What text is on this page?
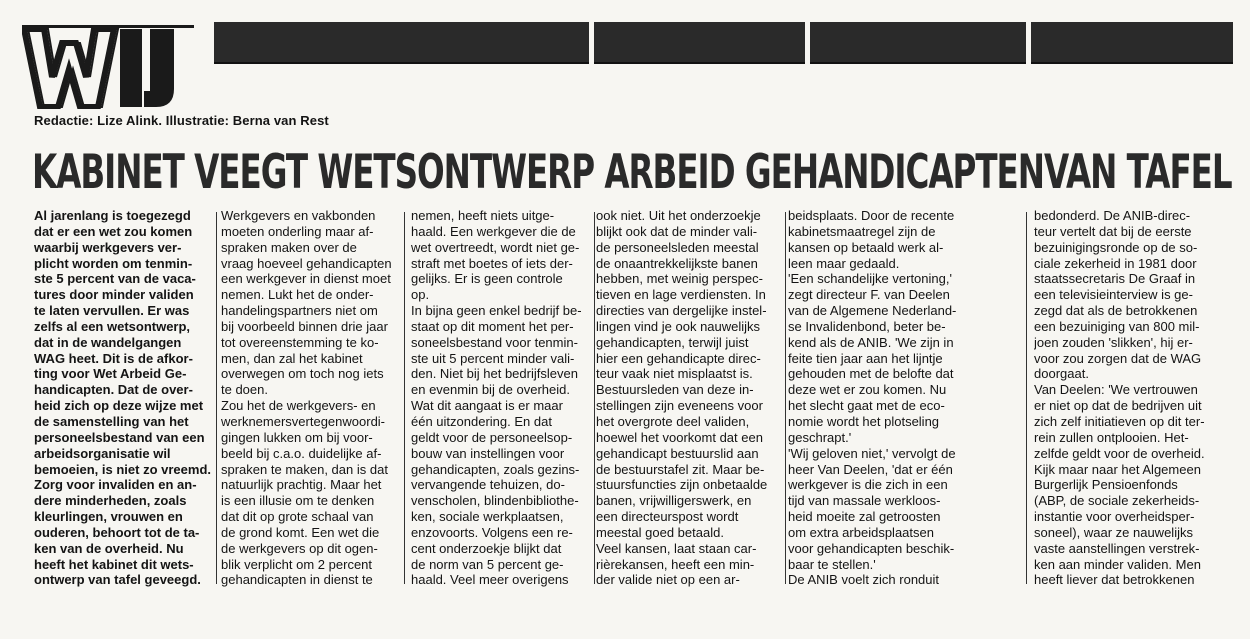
Redactie: Lize Alink. Illustratie: Berna van Rest
KABINET VEEGT WETSONTWERP ARBEID GEHANDICAPTENVAN TAFEL

Al jarenlang is toegezegd

dat er een wet zou komen

waarbij werkgevers ver-

plicht worden om tenmin-

ste 5 percent van de vaca-

tures door minder validen

te laten vervullen. Er was

zelfs al een wetsontwerp,

dat in de wandelgangen

WAG heet. Dit is de afkor-

ting voor Wet Arbeid Ge-

handicapten. Dat de over-

heid zich op deze wijze met

de samenstelling van het

personeelsbestand van een

arbeidsorganisatie wil

bemoeien, is niet zo vreemd.

Zorg voor invaliden en an-

dere minderheden, zoals

kleurlingen, vrouwen en

ouderen, behoort tot de ta-

ken van de overheid. Nu

heeft het kabinet dit wets-

ontwerp van tafel geveegd.

Werkgevers en vakbonden

moeten onderling maar af-

spraken maken over de

vraag hoeveel gehandicapten

een werkgever in dienst moet

nemen. Lukt het de onder-

handelingspartners niet om

bij voorbeeld binnen drie jaar

tot overeenstemming te ko-

men, dan zal het kabinet

overwegen om toch nog iets

te doen.

Zou het de werkgevers- en

werknemersvertegenwoordi-

gingen lukken om bij voor-

beeld bij c.a.o. duidelijke af-

spraken te maken, dan is dat

natuurlijk prachtig. Maar het

is een illusie om te denken

dat dit op grote schaal van

de grond komt. Een wet die

de werkgevers op dit ogen-

blik verplicht om 2 percent

gehandicapten in dienst te

nemen, heeft niets uitge-

haald. Een werkgever die de

wet overtreedt, wordt niet ge-

straft met boetes of iets der-

gelijks. Er is geen controle

op.

In bijna geen enkel bedrijf be-

staat op dit moment het per-

soneelsbestand voor tenmin-

ste uit 5 percent minder vali-

den. Niet bij het bedrijfsleven

en evenmin bij de overheid.

Wat dit aangaat is er maar

één uitzondering. En dat

geldt voor de personeelsop-

bouw van instellingen voor

gehandicapten, zoals gezins-

vervangende tehuizen, do-

venscholen, blindenbibliothe-

ken, sociale werkplaatsen,

enzovoorts. Volgens een re-

cent onderzoekje blijkt dat

de norm van 5 percent ge-

haald. Veel meer overigens

ook niet. Uit het onderzoekje

blijkt ook dat de minder vali-

de personeelsleden meestal

de onaantrekkelijkste banen

hebben, met weinig perspec-

tieven en lage verdiensten. In

directies van dergelijke instel-

lingen vind je ook nauwelijks

gehandicapten, terwijl juist

hier een gehandicapte direc-

teur vaak niet misplaatst is.

Bestuursleden van deze in-

stellingen zijn eveneens voor

het overgrote deel validen,

hoewel het voorkomt dat een

gehandicapt bestuurslid aan

de bestuurstafel zit. Maar be-

stuursfuncties zijn onbetaalde

banen, vrijwilligerswerk, en

een directeurspost wordt

meestal goed betaald.

Veel kansen, laat staan car-

rièrekansen, heeft een min-

der valide niet op een ar-

beidsplaats. Door de recente

kabinetsmaatregel zijn de

kansen op betaald werk al-

leen maar gedaald.

'Een schandelijke vertoning,'

zegt directeur F. van Deelen

van de Algemene Nederland-

se Invalidenbond, beter be-

kend als de ANIB. 'We zijn in

feite tien jaar aan het lijntje

gehouden met de belofte dat

deze wet er zou komen. Nu

het slecht gaat met de eco-

nomie wordt het plotseling

geschrapt.'

'Wij geloven niet,' vervolgt de

heer Van Deelen, 'dat er één

werkgever is die zich in een

tijd van massale werkloos-

heid moeite zal getroosten

om extra arbeidsplaatsen

voor gehandicapten beschik-

baar te stellen.'

De ANIB voelt zich ronduit

bedonderd. De ANIB-direc-

teur vertelt dat bij de eerste

bezuinigingsronde op de so-

ciale zekerheid in 1981 door

staatssecretaris De Graaf in

een televisieinterview is ge-

zegd dat als de betrokkenen

een bezuiniging van 800 mil-

joen zouden 'slikken', hij er-

voor zou zorgen dat de WAG

doorgaat.

Van Deelen: 'We vertrouwen

er niet op dat de bedrijven uit

zich zelf initiatieven op dit ter-

rein zullen ontplooien. Het-

zelfde geldt voor de overheid.

Kijk maar naar het Algemeen

Burgerlijk Pensioenfonds

(ABP, de sociale zekerheids-

instantie voor overheidsper-

soneel), waar ze nauwelijks

vaste aanstellingen verstrek-

ken aan minder validen. Men

heeft liever dat betrokkenen
